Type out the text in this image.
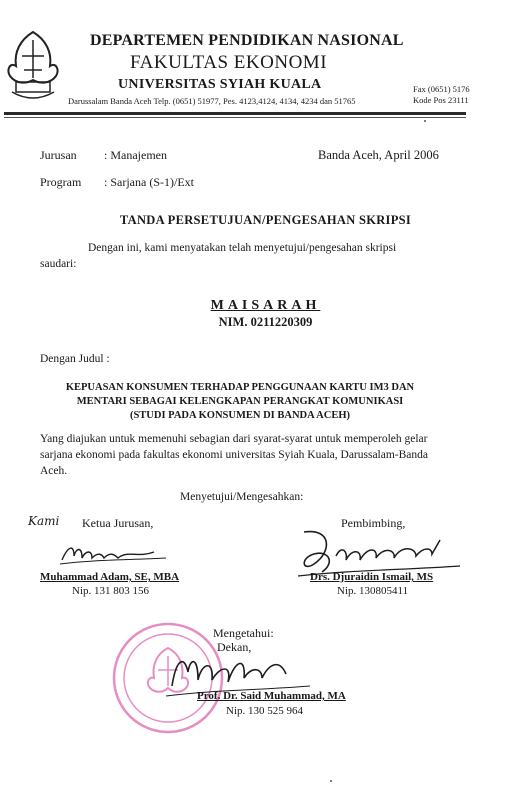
DEPARTEMEN PENDIDIKAN NASIONAL
FAKULTAS EKONOMI
UNIVERSITAS SYIAH KUALA
Darussalam Banda Aceh Telp. (0651) 51977, Pes. 4123,4124, 4134, 4234 dan 51765
Fax (0651) 5176
Kode Pos 23111
Jurusan : Manajemen	Banda Aceh, April 2006
Program : Sarjana (S-1)/Ext
TANDA PERSETUJUAN/PENGESAHAN SKRIPSI
Dengan ini, kami menyatakan telah menyetujui/pengesahan skripsi
saudari:
MAISARAH
NIM. 0211220309
Dengan Judul :
KEPUASAN KONSUMEN TERHADAP PENGGUNAAN KARTU IM3 DAN
MENTARI SEBAGAI KELENGKAPAN PERANGKAT KOMUNIKASI
(STUDI PADA KONSUMEN DI BANDA ACEH)
Yang diajukan untuk memenuhi sebagian dari syarat-syarat untuk memperoleh gelar
sarjana ekonomi pada fakultas ekonomi universitas Syiah Kuala, Darussalam-Banda
Aceh.
Menyetujui/Mengesahkan:
Kami Ketua Jurusan,
Muhammad Adam, SE, MBA
Nip. 131 803 156
Pembimbing,
Drs. Djuraidin Ismail, MS
Nip. 130805411
Mengetahui:
Dekan,
Prof. Dr. Said Muhammad, MA
Nip. 130 525 964
